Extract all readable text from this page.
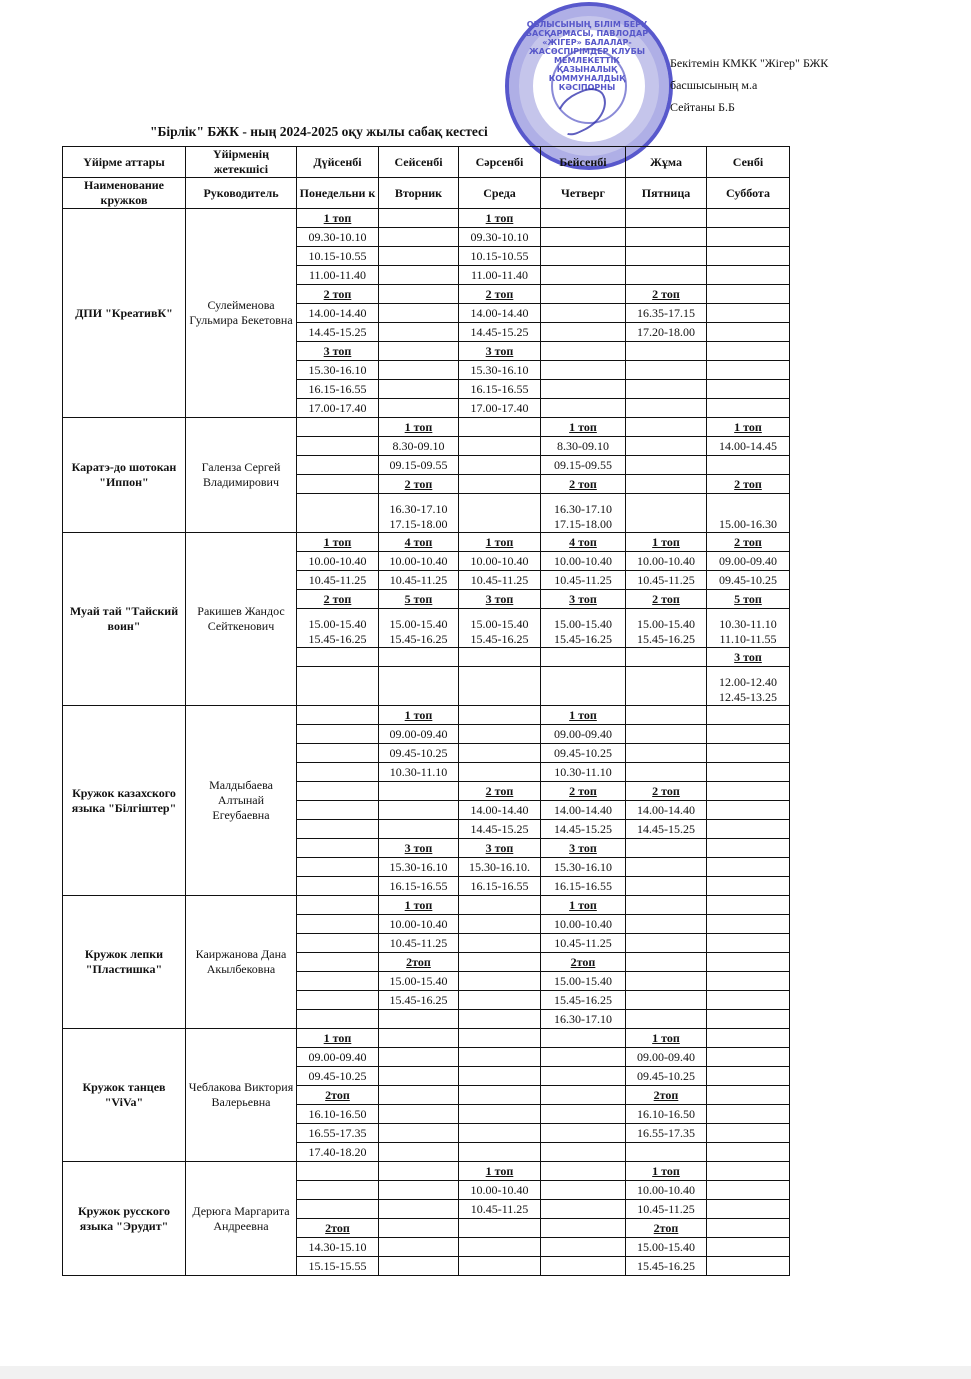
ОБЛЫСЫНЫҢ БІЛІМ БЕРУ БАСҚАРМАСЫ, ПАВЛОДАР «ЖІГЕР» БАЛАЛАР-ЖАСӨСПІРІМДЕР КЛУБЫ МЕМЛЕКЕТТІК ҚАЗЫНАЛЫҚ КОММУНАЛДЫҚ КӘСІПОРНЫ
Бекітемін КМКК "Жігер" БЖК
басшысының м.а
Сейтаны Б.Б
"Бірлік" БЖК - ның 2024-2025 оқу жылы сабақ кестесі
Үйірме аттары	Үйірменің жетекшісі	Дүйсенбі	Сейсенбі	Сәрсенбі	Бейсенбі	Жұма	Сенбі
Наименование кружков	Руководитель	Понедельни к	Вторник	Среда	Четверг	Пятница	Суббота
ДПИ "КреативК"	Сулейменова Гульмира Бекетовна	1 топ		1 топ			
		09.30-10.10		09.30-10.10			
		10.15-10.55		10.15-10.55			
		11.00-11.40		11.00-11.40			
		2 топ		2 топ		2 топ	
		14.00-14.40		14.00-14.40		16.35-17.15	
		14.45-15.25		14.45-15.25		17.20-18.00	
		3 топ		3 топ			
		15.30-16.10		15.30-16.10			
		16.15-16.55		16.15-16.55			
		17.00-17.40		17.00-17.40			
Каратэ-до шотокан "Иппон"	Галенза Сергей Владимирович		1 топ		1 топ		1 топ
			8.30-09.10		8.30-09.10		14.00-14.45
			09.15-09.55		09.15-09.55		
			2 топ		2 топ		2 топ
			16.30-17.10 17.15-18.00		16.30-17.10 17.15-18.00		15.00-16.30
Муай тай "Тайский воин"	Ракишев Жандос Сейткенович	1 топ	4 топ	1 топ	4 топ	1 топ	2 топ
		10.00-10.40	10.00-10.40	10.00-10.40	10.00-10.40	10.00-10.40	09.00-09.40
		10.45-11.25	10.45-11.25	10.45-11.25	10.45-11.25	10.45-11.25	09.45-10.25
		2 топ	5 топ	3 топ	3 топ	2 топ	5 топ
		15.00-15.40 15.45-16.25	15.00-15.40 15.45-16.25	15.00-15.40 15.45-16.25	15.00-15.40 15.45-16.25	15.00-15.40 15.45-16.25	10.30-11.10 11.10-11.55
							3 топ
							12.00-12.40 12.45-13.25
Кружок казахского языка "Білгіштер"	Малдыбаева Алтынай Егеубаевна		1 топ		1 топ		
			09.00-09.40		09.00-09.40		
			09.45-10.25		09.45-10.25		
			10.30-11.10		10.30-11.10		
				2 топ	2 топ	2 топ	
				14.00-14.40	14.00-14.40	14.00-14.40	
				14.45-15.25	14.45-15.25	14.45-15.25	
			3 топ	3 топ	3 топ		
			15.30-16.10	15.30-16.10.	15.30-16.10		
			16.15-16.55	16.15-16.55	16.15-16.55		
Кружок лепки "Пластишка"	Каиржанова Дана Акылбековна		1 топ		1 топ		
			10.00-10.40		10.00-10.40		
			10.45-11.25		10.45-11.25		
			2топ		2топ		
			15.00-15.40		15.00-15.40		
			15.45-16.25		15.45-16.25		
					16.30-17.10		
Кружок танцев "ViVa"	Чеблакова Виктория Валерьевна	1 топ				1 топ	
		09.00-09.40				09.00-09.40	
		09.45-10.25				09.45-10.25	
		2топ				2топ	
		16.10-16.50				16.10-16.50	
		16.55-17.35				16.55-17.35	
		17.40-18.20					
Кружок русского языка "Эрудит"	Дерюга Маргарита Андреевна			1 топ		1 топ	
				10.00-10.40		10.00-10.40	
				10.45-11.25		10.45-11.25	
		2топ				2топ	
		14.30-15.10				15.00-15.40	
		15.15-15.55				15.45-16.25	
